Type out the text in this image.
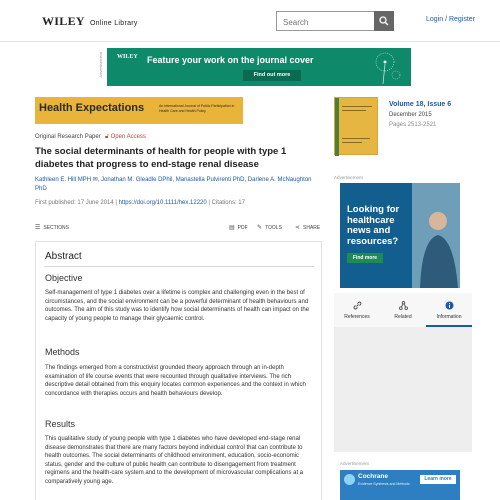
WILEY Online Library
Search
Login / Register
Advertisement WILEY Feature your work on the journal cover
Find out more
Health Expectations	An International Journal of Public Participation in Health Care and Health Policy
Original Research Paper 🔓︎ Open Access
The social determinants of health for people with type 1 diabetes that progress to end-stage renal disease
Kathleen E. Hill MPH ✉, Jonathan M. Gleadle DPhil, Manastella Pulvirenti PhD, Darlene A. McNaughton PhD
First published: 17 June 2014 | https://doi.org/10.1111/hex.12220 | Citations: 17
☰ SECTIONS	▤ PDF ✎ TOOLS ⋖ SHARE
Abstract
Objective

Self-management of type 1 diabetes over a lifetime is complex and challenging even in the best of circumstances, and the social environment can be a powerful determinant of health behaviours and outcomes. The aim of this study was to identify how social determinants of health can impact on the capacity of young people to manage their glycaemic control.

Methods

The findings emerged from a constructivist grounded theory approach through an in-depth examination of life course events that were recounted through qualitative interviews. The rich descriptive detail obtained from this enquiry locates common experiences and the context in which concordance with therapies occurs and health behaviours develop.

Results

This qualitative study of young people with type 1 diabetes who have developed end-stage renal disease demonstrates that there are many factors beyond individual control that can contribute to health outcomes. The social determinants of childhood environment, education, socio-economic status, gender and the culture of public health can contribute to disengagement from treatment regimens and the health-care system and to the development of microvascular complications at a comparatively young age.

Volume 18, Issue 6
December 2015
Pages 2513-2521
Advertisement
Looking for healthcare news and resources?
Find more
References	Related	Information
Advertisement
Cochrane
Evidence Synthesis and Methods
Learn more
